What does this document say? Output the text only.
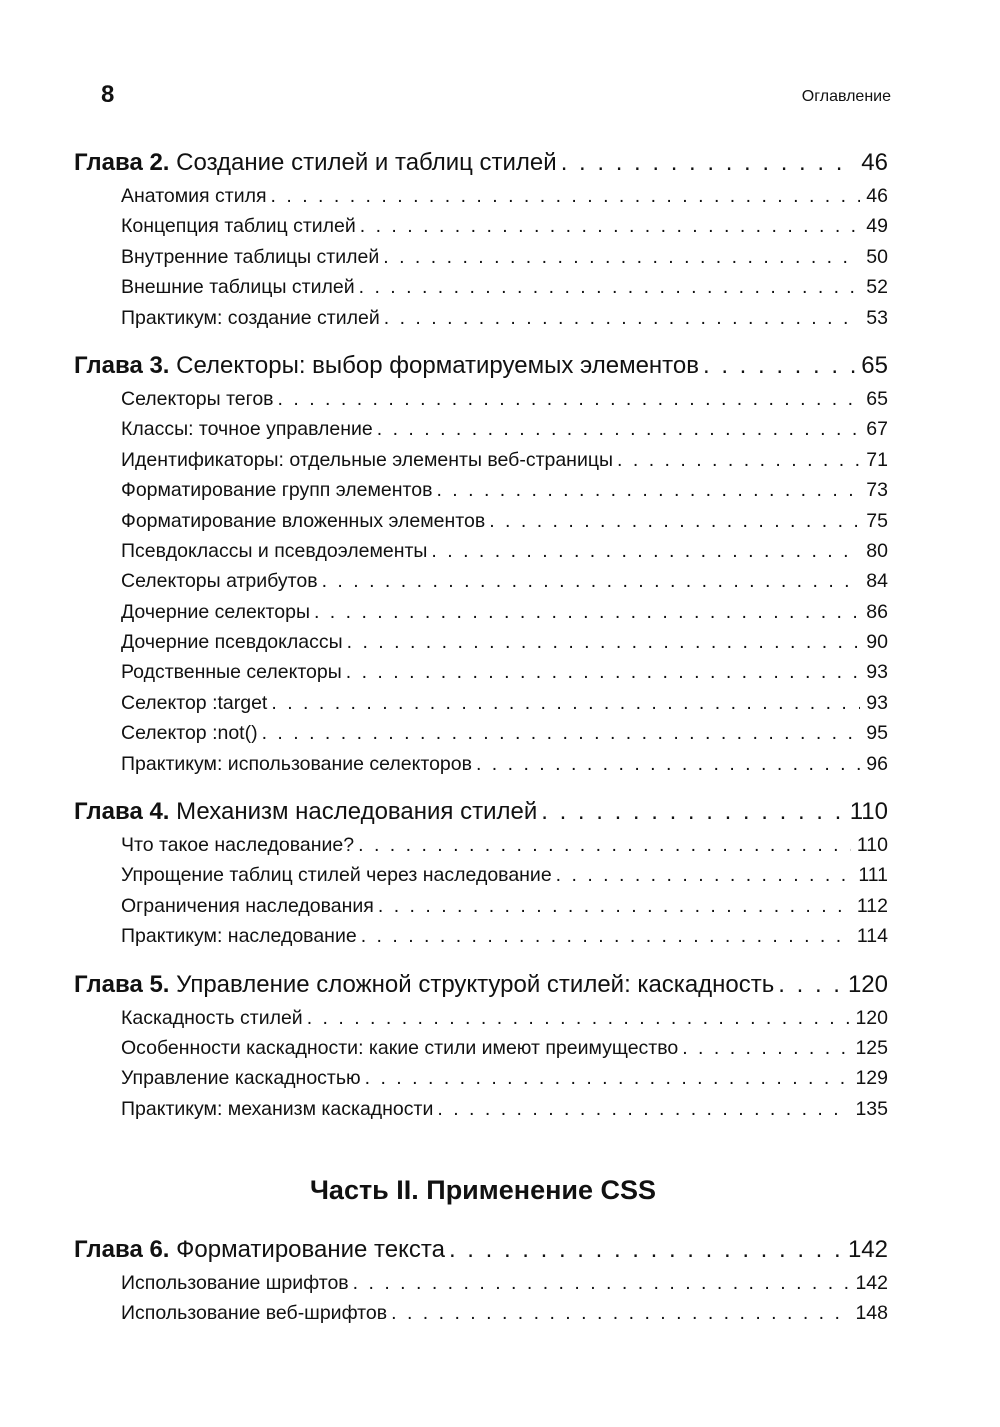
8	Оглавление
Глава 2.
Создание стилей и таблиц стилей . . .	46
Анатомия стиля . . .	46
Концепция таблиц стилей . . .	49
Внутренние таблицы стилей . . .	50
Внешние таблицы стилей . . .	52
Практикум: создание стилей . . .	53
Глава 3.
Селекторы: выбор форматируемых элементов . . .	65
Селекторы тегов . . .	65
Классы: точное управление . . .	67
Идентификаторы: отдельные элементы веб-страницы . . .	71
Форматирование групп элементов . . .	73
Форматирование вложенных элементов . . .	75
Псевдоклассы и псевдоэлементы . . .	80
Селекторы атрибутов . . .	84
Дочерние селекторы . . .	86
Дочерние псевдоклассы . . .	90
Родственные селекторы . . .	93
Селектор :target . . .	93
Селектор :not() . . .	95
Практикум: использование селекторов . . .	96
Глава 4.
Механизм наследования стилей . . .	110
Что такое наследование? . . .	110
Упрощение таблиц стилей через наследование . . .	111
Ограничения наследования . . .	112
Практикум: наследование . . .	114
Глава 5.
Управление сложной структурой стилей: каскадность . . .	120
Каскадность стилей . . .	120
Особенности каскадности: какие стили имеют преимущество . . .	125
Управление каскадностью . . .	129
Практикум: механизм каскадности . . .	135
Часть II. Применение CSS
Глава 6.
Форматирование текста . . .	142
Использование шрифтов . . .	142
Использование веб-шрифтов . . .	148
